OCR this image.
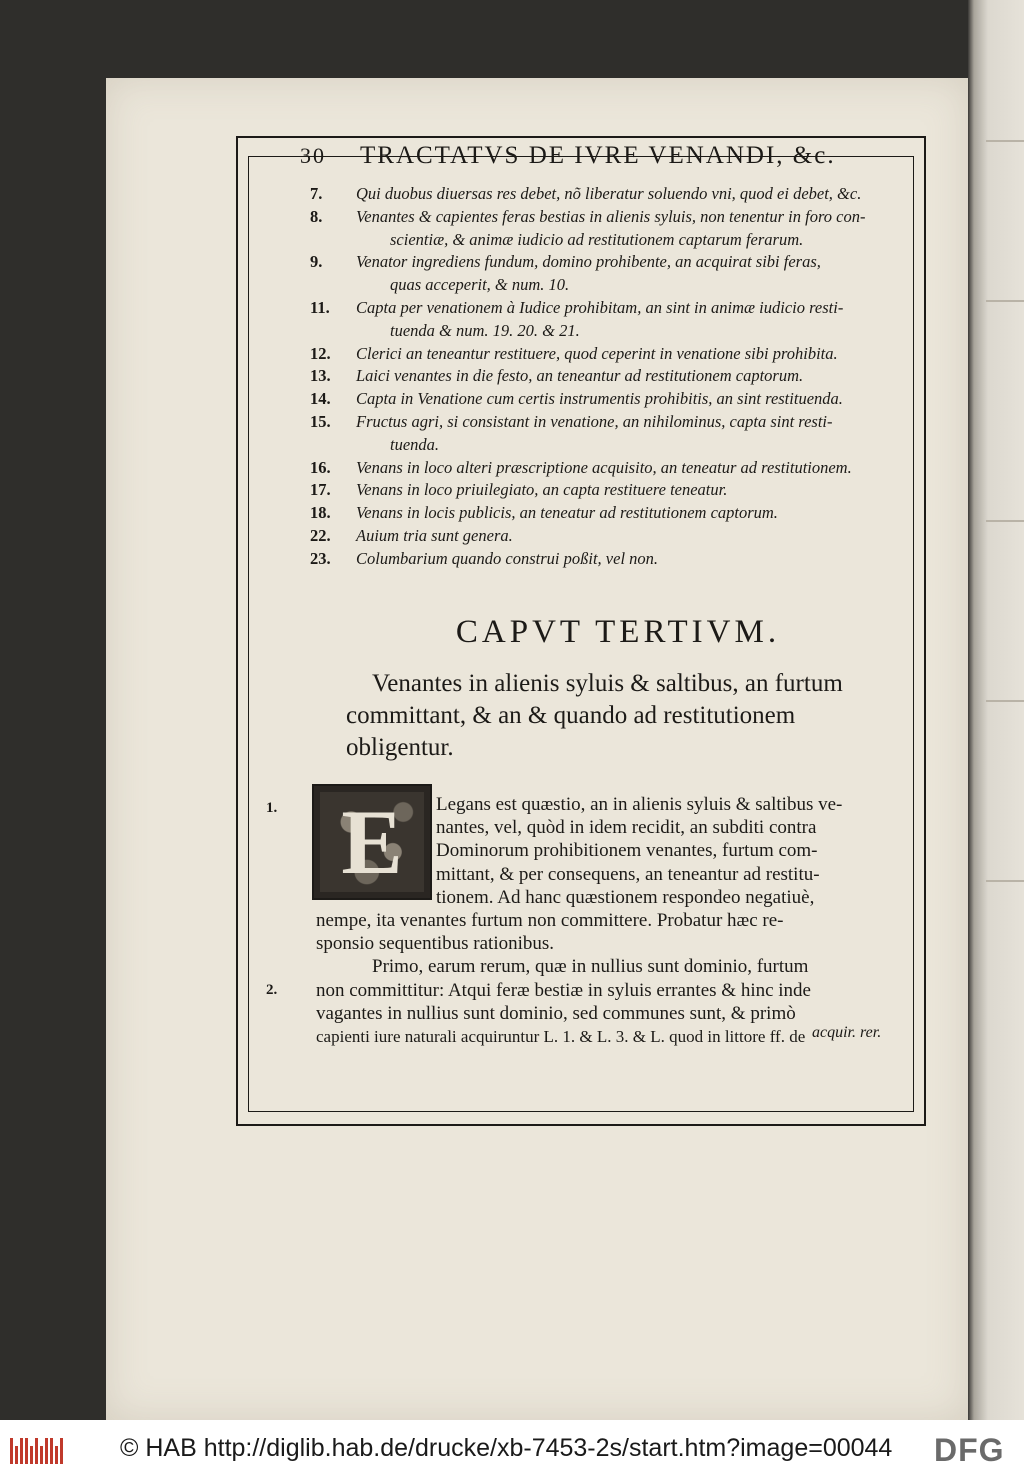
30 TRACTATVS DE IVRE VENANDI, &c.
7.	Qui duobus diuersas res debet, nõ liberatur soluendo vni, quod ei debet, &c.
8.	Venantes & capientes feras bestias in alienis syluis, non tenentur in foro con-
scientiæ, & animæ iudicio ad restitutionem captarum ferarum.
9.	Venator ingrediens fundum, domino prohibente, an acquirat sibi feras,
quas acceperit, & num. 10.
11.	Capta per venationem à Iudice prohibitam, an sint in animæ iudicio resti-
tuenda & num. 19. 20. & 21.
12.	Clerici an teneantur restituere, quod ceperint in venatione sibi prohibita.
13.	Laici venantes in die festo, an teneantur ad restitutionem captorum.
14.	Capta in Venatione cum certis instrumentis prohibitis, an sint restituenda.
15.	Fructus agri, si consistant in venatione, an nihilominus, capta sint resti-
tuenda.
16.	Venans in loco alteri præscriptione acquisito, an teneatur ad restitutionem.
17.	Venans in loco priuilegiato, an capta restituere teneatur.
18.	Venans in locis publicis, an teneatur ad restitutionem captorum.
22.	Auium tria sunt genera.
23.	Columbarium quando construi poßit, vel non.
CAPVT TERTIVM.
Venantes in alienis syluis & saltibus, an furtum
committant, & an & quando ad restitutionem
obligentur.
1.
2.
E Legans est quæstio, an in alienis syluis & saltibus ve-
nantes, vel, quòd in idem recidit, an subditi contra
Dominorum prohibitionem venantes, furtum com-
mittant, & per consequens, an teneantur ad restitu-
tionem. Ad hanc quæstionem respondeo negatiuè,
nempe, ita venantes furtum non committere. Probatur hæc re-
sponsio sequentibus rationibus.
Primo, earum rerum, quæ in nullius sunt dominio, furtum
non committitur: Atqui feræ bestiæ in syluis errantes & hinc inde
vagantes in nullius sunt dominio, sed communes sunt, & primò
capienti iure naturali acquiruntur L. 1. & L. 3. & L. quod in littore ff. de acquir. rer.
© HAB http://diglib.hab.de/drucke/xb-7453-2s/start.htm?image=00044 DFG
